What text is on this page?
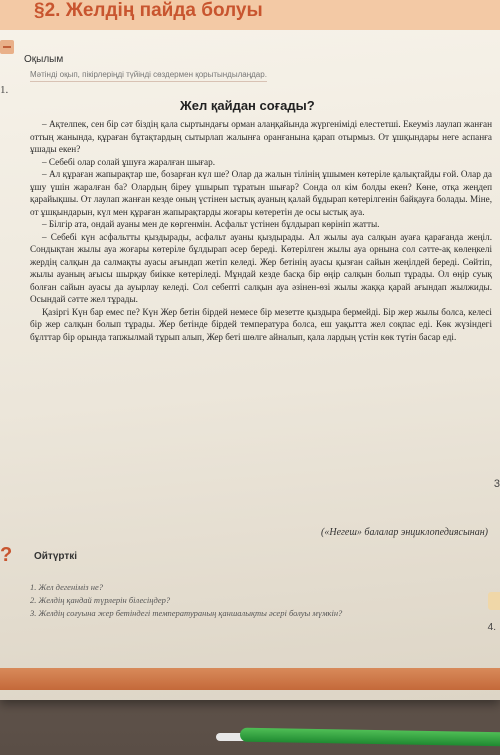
§2. Желдің пайда болуы
Оқылым
1.
Мәтінді оқып, пікірлеріңді түйінді сөздермен қорытындылаңдар.
Жел қайдан соғады?

– Ақтелпек, сен бір сәт біздің қала сыртындағы орман алаңқайында жүргеніміді елестетші. Екеуміз лаулап жанған оттың жанында, құраған бұтақтардың сытырлап жалынға оранғанына қарап отырмыз. От ұшқындары неге аспанға ұшады екен?

– Себебі олар солай ұшуға жаралған шығар.

– Ал құраған жапырақтар ше, бозарған күл ше? Олар да жалын тілінің ұшымен көтеріле қалықтайды ғой. Олар да ұшу үшін жаралған ба? Олардың біреу ұшырып тұратын шығар? Сонда ол кім болды екен? Көне, отқа жеңдеп қарайықшы. От лаулап жанған кезде оның үстінен ыстық ауаның қалай бұдырап көтерілгенін байқауға болады. Міне, от ұшқындарын, күл мен құраған жапырақтарды жоғары көтеретін де осы ыстық ауа.

– Білгір ата, ондай ауаны мен де көргенмін. Асфальт үстінен бұлдырап көрініп жатты.

– Себебі күн асфальтты қыздырады, асфальт ауаны қыздырады. Ал жылы ауа салқын ауаға қарағанда жеңіл. Сондықтан жылы ауа жоғары көтеріле бұлдырап әсер береді. Көтерілген жылы ауа орнына сол сәтте-ақ көлеңкелі жердің салқын да салмақты ауасы ағындап жетіп келеді. Жер бетінің ауасы қызған сайын жеңілдей береді. Сөйтіп, жылы ауаның ағысы шырқау биікке көтеріледі. Мұндай кезде басқа бір өңір салқын болып тұрады. Ол өңір суық болған сайын ауасы да ауырлау келеді. Сол себепті салқын ауа әзінен-өзі жылы жаққа қарай ағындап жылжиды. Осындай сәтте жел тұрады.

Қазіргі Күн бар емес пе? Күн Жер бетін бірдей немесе бір мезетте қыздыра бермейді. Бір жер жылы болса, келесі бір жер салқын болып тұрады. Жер бетінде бірдей температура болса, еш уақытта жел соқпас еді. Көк жүзіндегі бұлттар бір орында тапжылмай тұрып алып, Жер беті шөлге айналып, қала лардың үстін көк түтін басар еді.

(«Негеш» балалар энциклопедиясынан)
3
? Ойтүрткі
1. Жел дегеніміз не?
2. Желдің қандай түрлерін білесіңдер?
3. Желдің соғуына жер бетіндегі температураның қаншалықты әсері болуы мүмкін?
4.
